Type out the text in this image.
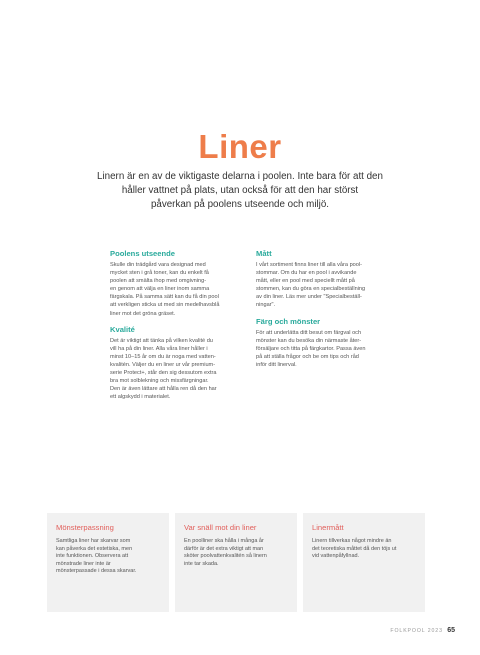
Liner
Linern är en av de viktigaste delarna i poolen. Inte bara för att den
håller vattnet på plats, utan också för att den har störst
påverkan på poolens utseende och miljö.
Poolens utseende

Skulle din trädgård vara designad med
mycket sten i grå toner, kan du enkelt få
poolen att smälta ihop med omgivning-
en genom att välja en liner inom samma
färgskala. På samma sätt kan du få din pool
att verkligen sticka ut med sin medelhavsblå
liner mot det gröna gräset.

Kvalité

Det är viktigt att tänka på vilken kvalité du
vill ha på din liner. Alla våra liner håller i
minst 10–15 år om du är noga med vatten-
kvalitén. Väljer du en liner ur vår premium-
serie Protect+, står den sig dessutom extra
bra mot solblekning och missfärgningar.
Den är även lättare att hålla ren då den har
ett algskydd i materialet.

Mått

I vårt sortiment finns liner till alla våra pool-
stommar. Om du har en pool i avvikande
mått, eller en pool med speciellt mått på
stommen, kan du göra en specialbeställning
av din liner. Läs mer under "Specialbeställ-
ningar".

Färg och mönster

För att underlätta ditt besut om färgval och
mönster kan du besöka din närmaste åter-
försäljare och titta på färgkartor. Passa även
på att ställa frågor och be om tips och råd
inför ditt linerval.

Mönsterpassning

Samtliga liner har skarvar som
kan påverka det estetiska, men
inte funktionen. Observera att
mönstrade liner inte är
mönsterpassade i dessa skarvar.

Var snäll mot din liner

En poolliner ska hålla i många år
därför är det extra viktigt att man
sköter poolvattenkvalitén så linern
inte tar skada.

Linermått

Linern tillverkas något mindre än
det teoretiska måttet då den töjs ut
vid vattenpåfyllnad.

FOLKPOOL 2023 65
